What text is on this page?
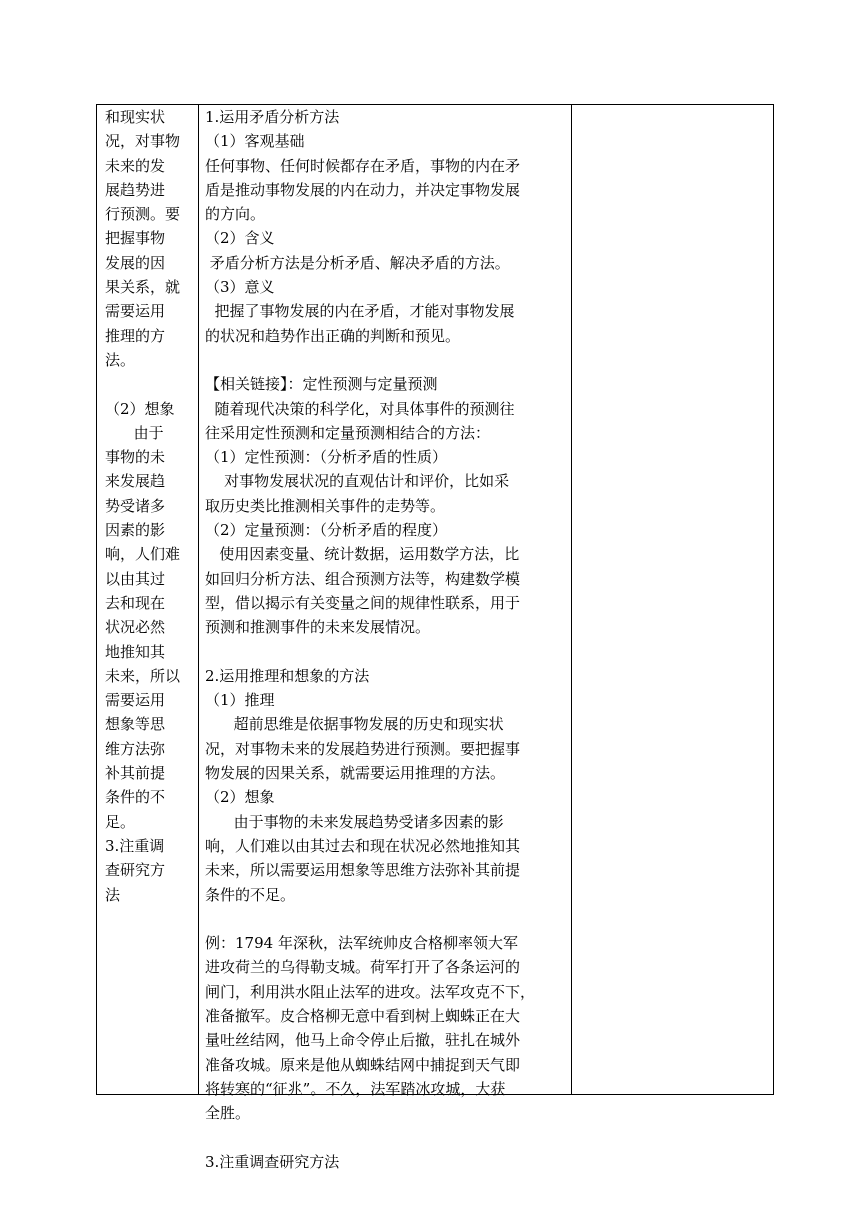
和现实状
况，对事物
未来的发
展趋势进
行预测。要
把握事物
发展的因
果关系，就
需要运用
推理的方
法。
（2）想象
由于
事物的未
来发展趋
势受诸多
因素的影
响，人们难
以由其过
去和现在
状况必然
地推知其
未来，所以
需要运用
想象等思
维方法弥
补其前提
条件的不
足。
3.注重调
查研究方
法
1.运用矛盾分析方法
（1）客观基础
任何事物、任何时候都存在矛盾，事物的内在矛
盾是推动事物发展的内在动力，并决定事物发展
的方向。
（2）含义
矛盾分析方法是分析矛盾、解决矛盾的方法。
（3）意义
把握了事物发展的内在矛盾，才能对事物发展
的状况和趋势作出正确的判断和预见。
【相关链接】：定性预测与定量预测
随着现代决策的科学化，对具体事件的预测往
往采用定性预测和定量预测相结合的方法：
（1）定性预测：（分析矛盾的性质）
对事物发展状况的直观估计和评价，比如采
取历史类比推测相关事件的走势等。
（2）定量预测：（分析矛盾的程度）
使用因素变量、统计数据，运用数学方法，比
如回归分析方法、组合预测方法等，构建数学模
型，借以揭示有关变量之间的规律性联系，用于
预测和推测事件的未来发展情况。
2.运用推理和想象的方法
（1）推理
超前思维是依据事物发展的历史和现实状
况，对事物未来的发展趋势进行预测。要把握事
物发展的因果关系，就需要运用推理的方法。
（2）想象
由于事物的未来发展趋势受诸多因素的影
响，人们难以由其过去和现在状况必然地推知其
未来，所以需要运用想象等思维方法弥补其前提
条件的不足。
例：1794 年深秋，法军统帅皮合格柳率领大军
进攻荷兰的乌得勒支城。荷军打开了各条运河的
闸门，利用洪水阻止法军的进攻。法军攻克不下，
准备撤军。皮合格柳无意中看到树上蜘蛛正在大
量吐丝结网，他马上命令停止后撤，驻扎在城外
准备攻城。原来是他从蜘蛛结网中捕捉到天气即
将转寒的“征兆”。不久，法军踏冰攻城，大获
全胜。
3.注重调查研究方法
